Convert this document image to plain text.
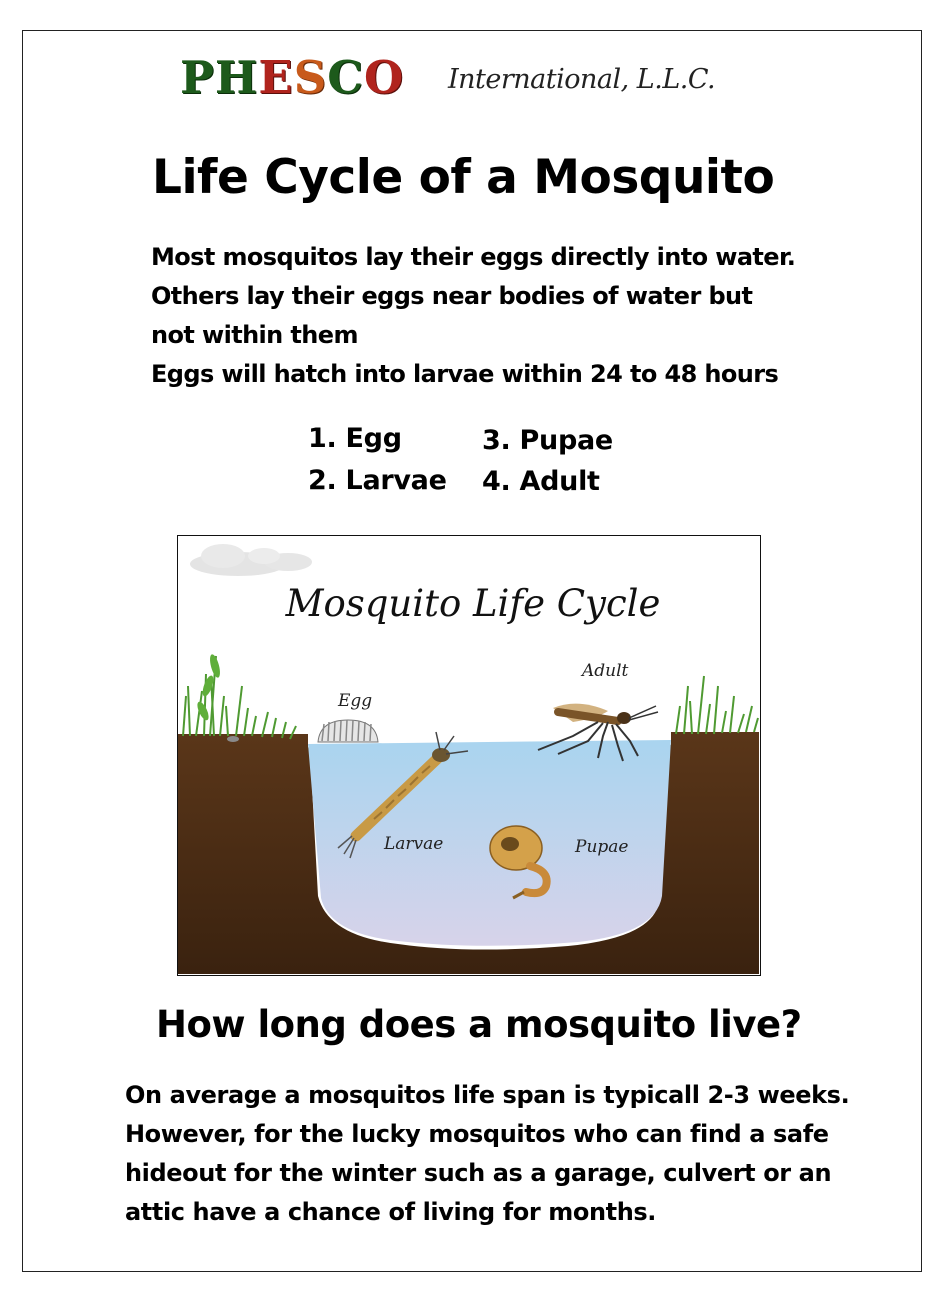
PHESCO International, L.L.C.
Life Cycle of a Mosquito
Most mosquitos lay their eggs directly into water.
Others lay their eggs near bodies of water but
not within them
Eggs will hatch into larvae within 24 to 48 hours
1. Egg
2. Larvae
3. Pupae
4. Adult
Mosquito Life Cycle
Egg
Larvae	Pupae
Adult
How long does a mosquito live?
On average a mosquitos life span is typicall 2-3 weeks.
However, for the lucky mosquitos who can find a safe
hideout for the winter such as a garage, culvert or an
attic have a chance of living for months.
